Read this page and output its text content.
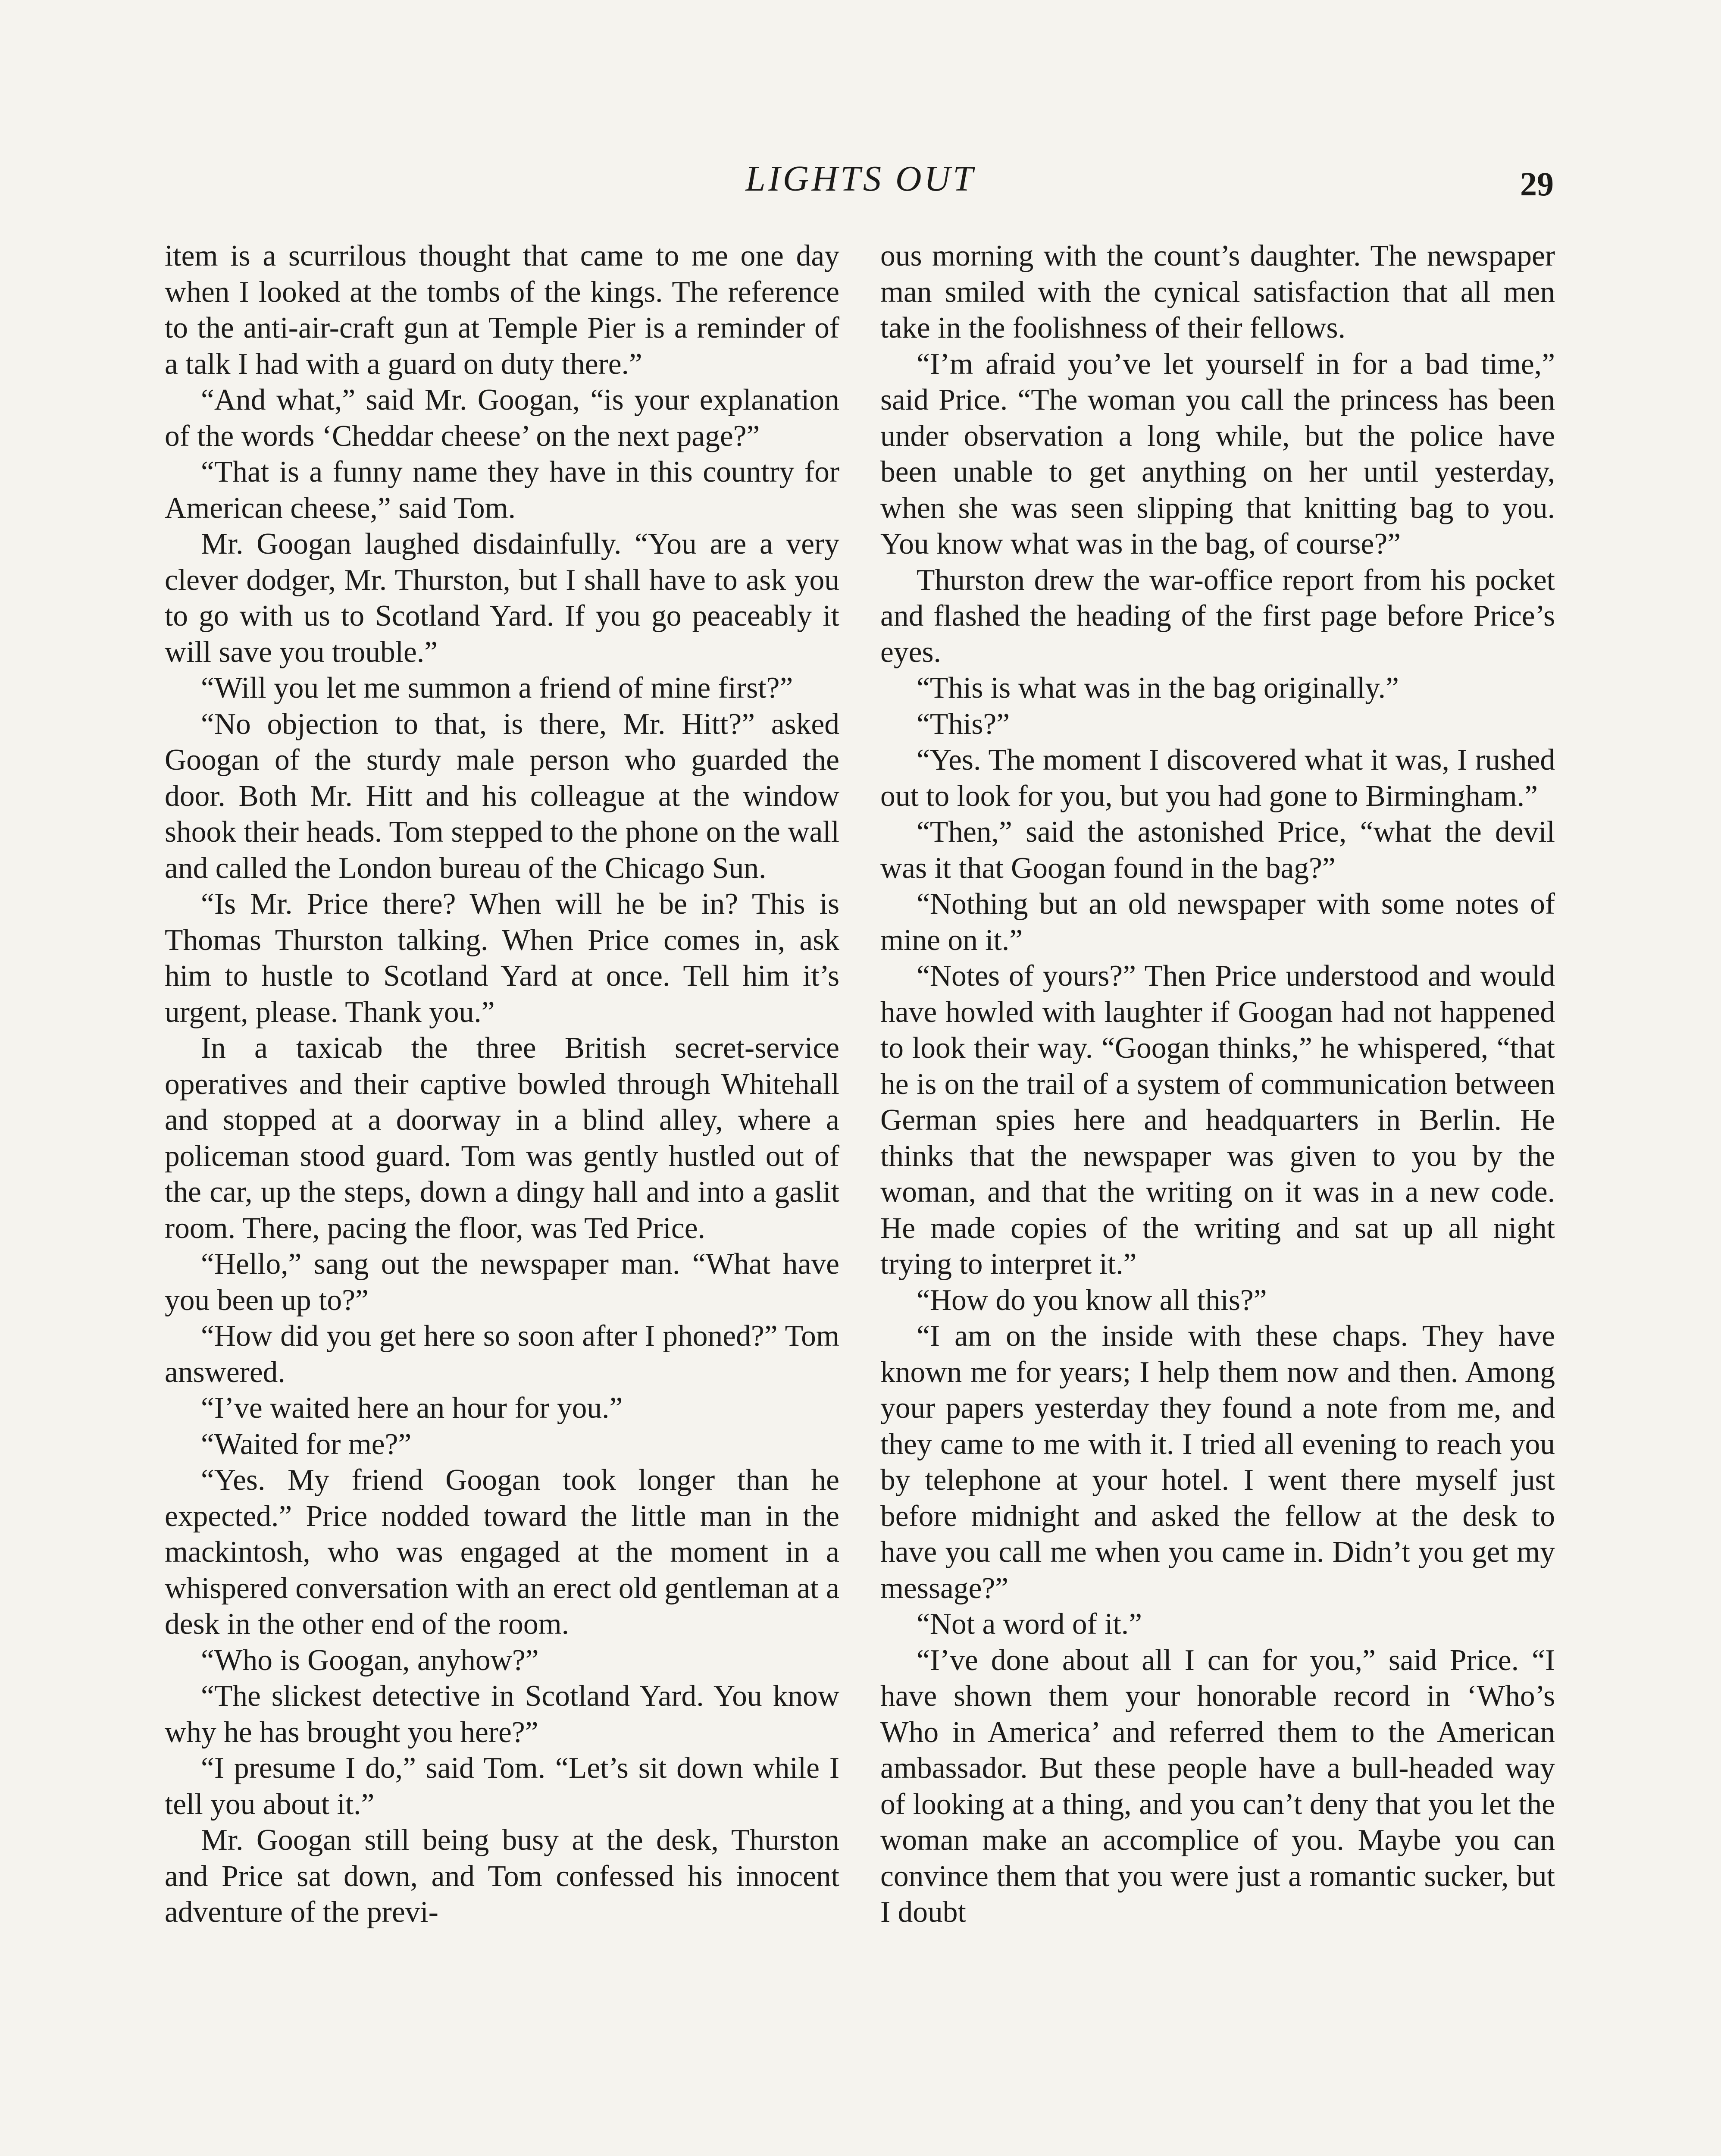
LIGHTS OUT	29

item is a scurrilous thought that came to me one day when I looked at the tombs of the kings. The reference to the anti-air-craft gun at Temple Pier is a reminder of a talk I had with a guard on duty there.”

“And what,” said Mr. Googan, “is your explanation of the words ‘Cheddar cheese’ on the next page?”

“That is a funny name they have in this country for American cheese,” said Tom.

Mr. Googan laughed disdainfully. “You are a very clever dodger, Mr. Thurston, but I shall have to ask you to go with us to Scotland Yard. If you go peaceably it will save you trouble.”

“Will you let me summon a friend of mine first?”

“No objection to that, is there, Mr. Hitt?” asked Googan of the sturdy male person who guarded the door. Both Mr. Hitt and his colleague at the window shook their heads. Tom stepped to the phone on the wall and called the London bureau of the Chicago Sun.

“Is Mr. Price there? When will he be in? This is Thomas Thurston talking. When Price comes in, ask him to hustle to Scotland Yard at once. Tell him it’s urgent, please. Thank you.”

In a taxicab the three British secret-service operatives and their captive bowled through Whitehall and stopped at a doorway in a blind alley, where a policeman stood guard. Tom was gently hustled out of the car, up the steps, down a dingy hall and into a gaslit room. There, pacing the floor, was Ted Price.

“Hello,” sang out the newspaper man. “What have you been up to?”

“How did you get here so soon after I phoned?” Tom answered.

“I’ve waited here an hour for you.”

“Waited for me?”

“Yes. My friend Googan took longer than he expected.” Price nodded toward the little man in the mackintosh, who was engaged at the moment in a whispered conversation with an erect old gentleman at a desk in the other end of the room.

“Who is Googan, anyhow?”

“The slickest detective in Scotland Yard. You know why he has brought you here?”

“I presume I do,” said Tom. “Let’s sit down while I tell you about it.”

Mr. Googan still being busy at the desk, Thurston and Price sat down, and Tom confessed his innocent adventure of the previ-

ous morning with the count’s daughter. The newspaper man smiled with the cynical satisfaction that all men take in the foolishness of their fellows.

“I’m afraid you’ve let yourself in for a bad time,” said Price. “The woman you call the princess has been under observation a long while, but the police have been unable to get anything on her until yesterday, when she was seen slipping that knitting bag to you. You know what was in the bag, of course?”

Thurston drew the war-office report from his pocket and flashed the heading of the first page before Price’s eyes.

“This is what was in the bag originally.”

“This?”

“Yes. The moment I discovered what it was, I rushed out to look for you, but you had gone to Birmingham.”

“Then,” said the astonished Price, “what the devil was it that Googan found in the bag?”

“Nothing but an old newspaper with some notes of mine on it.”

“Notes of yours?” Then Price understood and would have howled with laughter if Googan had not happened to look their way. “Googan thinks,” he whispered, “that he is on the trail of a system of communication between German spies here and headquarters in Berlin. He thinks that the newspaper was given to you by the woman, and that the writing on it was in a new code. He made copies of the writing and sat up all night trying to interpret it.”

“How do you know all this?”

“I am on the inside with these chaps. They have known me for years; I help them now and then. Among your papers yesterday they found a note from me, and they came to me with it. I tried all evening to reach you by telephone at your hotel. I went there myself just before midnight and asked the fellow at the desk to have you call me when you came in. Didn’t you get my message?”

“Not a word of it.”

“I’ve done about all I can for you,” said Price. “I have shown them your honorable record in ‘Who’s Who in America’ and referred them to the American ambassador. But these people have a bull-headed way of looking at a thing, and you can’t deny that you let the woman make an accomplice of you. Maybe you can convince them that you were just a romantic sucker, but I doubt
